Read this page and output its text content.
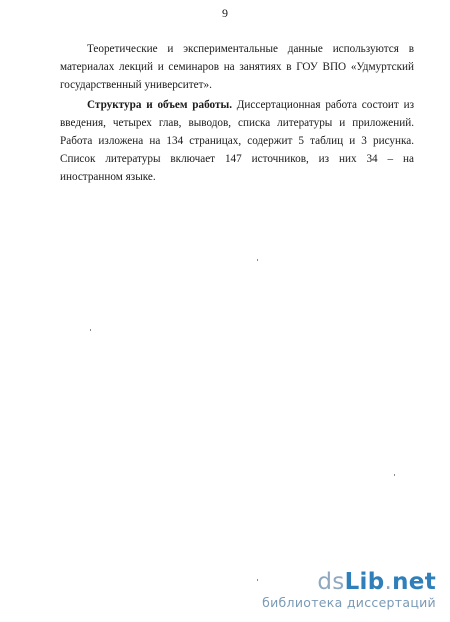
9

Теоретические и экспериментальные данные используются в материалах лекций и семинаров на занятиях в ГОУ ВПО «Удмуртский государственный университет».

Структура и объем работы. Диссертационная работа состоит из введения, четырех глав, выводов, списка литературы и приложений. Работа изложена на 134 страницах, содержит 5 таблиц и 3 рисунка. Список литературы включает 147 источников, из них 34 – на иностранном языке.

dsLib.net
библиотека диссертаций
